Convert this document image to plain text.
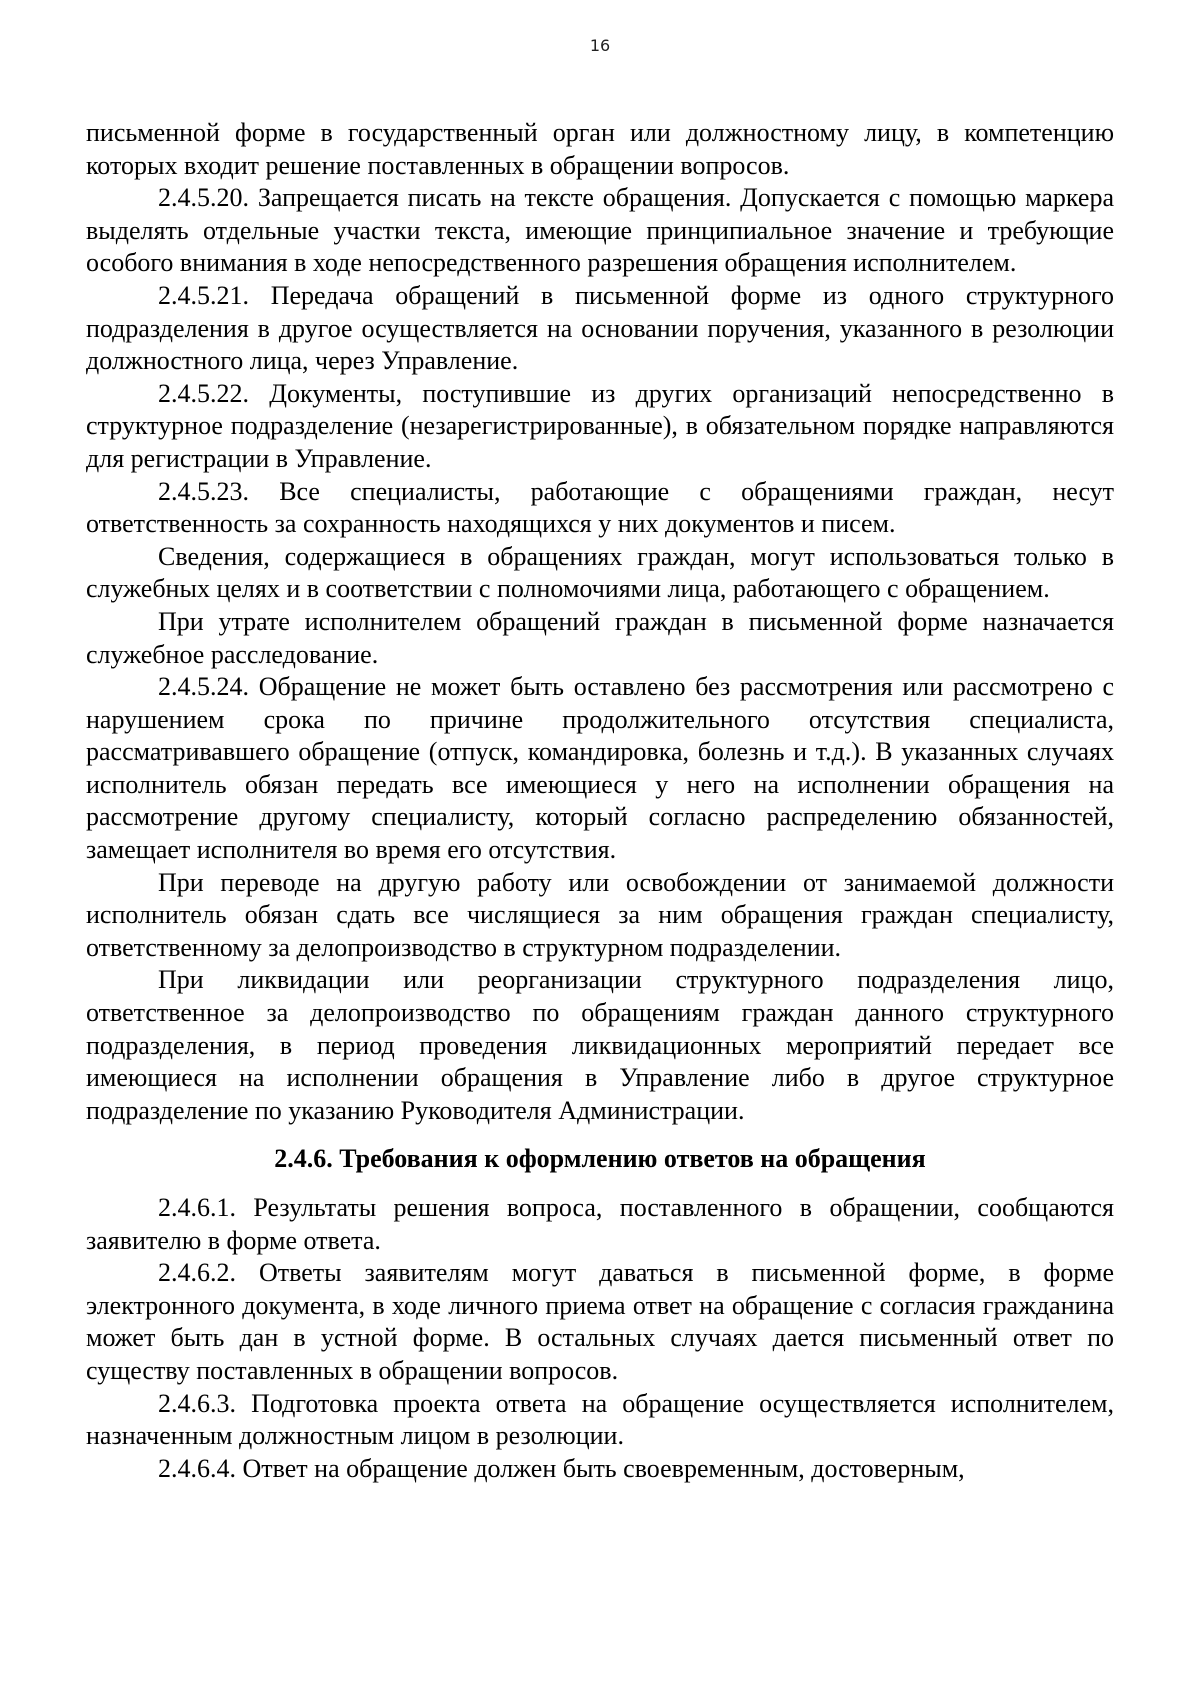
16

письменной форме в государственный орган или должностному лицу, в компетенцию которых входит решение поставленных в обращении вопросов.

2.4.5.20. Запрещается писать на тексте обращения. Допускается с помощью маркера выделять отдельные участки текста, имеющие принципиальное значение и требующие особого внимания в ходе непосредственного разрешения обращения исполнителем.

2.4.5.21. Передача обращений в письменной форме из одного структурного подразделения в другое осуществляется на основании поручения, указанного в резолюции должностного лица, через Управление.

2.4.5.22. Документы, поступившие из других организаций непосредственно в структурное подразделение (незарегистрированные), в обязательном порядке направляются для регистрации в Управление.

2.4.5.23. Все специалисты, работающие с обращениями граждан, несут ответственность за сохранность находящихся у них документов и писем.

Сведения, содержащиеся в обращениях граждан, могут использоваться только в служебных целях и в соответствии с полномочиями лица, работающего с обращением.

При утрате исполнителем обращений граждан в письменной форме назначается служебное расследование.

2.4.5.24. Обращение не может быть оставлено без рассмотрения или рассмотрено с нарушением срока по причине продолжительного отсутствия специалиста, рассматривавшего обращение (отпуск, командировка, болезнь и т.д.). В указанных случаях исполнитель обязан передать все имеющиеся у него на исполнении обращения на рассмотрение другому специалисту, который согласно распределению обязанностей, замещает исполнителя во время его отсутствия.

При переводе на другую работу или освобождении от занимаемой должности исполнитель обязан сдать все числящиеся за ним обращения граждан специалисту, ответственному за делопроизводство в структурном подразделении.

При ликвидации или реорганизации структурного подразделения лицо, ответственное за делопроизводство по обращениям граждан данного структурного подразделения, в период проведения ликвидационных мероприятий передает все имеющиеся на исполнении обращения в Управление либо в другое структурное подразделение по указанию Руководителя Администрации.

2.4.6. Требования к оформлению ответов на обращения

2.4.6.1. Результаты решения вопроса, поставленного в обращении, сообщаются заявителю в форме ответа.

2.4.6.2. Ответы заявителям могут даваться в письменной форме, в форме электронного документа, в ходе личного приема ответ на обращение с согласия гражданина может быть дан в устной форме. В остальных случаях дается письменный ответ по существу поставленных в обращении вопросов.

2.4.6.3. Подготовка проекта ответа на обращение осуществляется исполнителем, назначенным должностным лицом в резолюции.

2.4.6.4. Ответ на обращение должен быть своевременным, достоверным,
